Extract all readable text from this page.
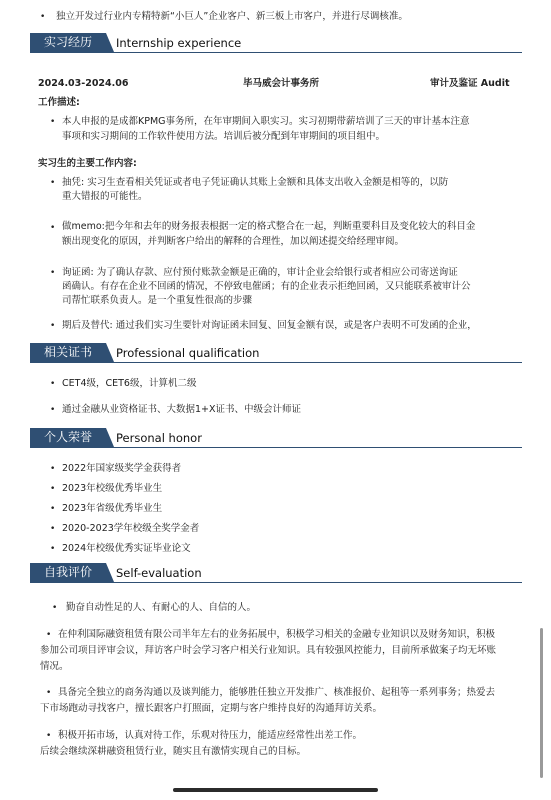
• 独立开发过行业内专精特新“小巨人”企业客户、新三板上市客户，并进行尽调核准。
实习经历	Internship experience
2024.03-2024.06	毕马威会计事务所	审计及鉴证 Audit
工作描述:
• 本人申报的是成都KPMG事务所，在年审期间入职实习。实习初期带薪培训了三天的审计基本注意
事项和实习期间的工作软件使用方法。培训后被分配到年审期间的项目组中。
实习生的主要工作内容:
• 抽凭: 实习生查看相关凭证或者电子凭证确认其账上金额和具体支出收入金额是相等的，以防
重大错报的可能性。
• 做memo:把今年和去年的财务报表根据一定的格式整合在一起，判断重要科目及变化较大的科目金
额出现变化的原因，并判断客户给出的解释的合理性，加以阐述提交给经理审阅。
• 询证函: 为了确认存款、应付预付账款金额是正确的，审计企业会给银行或者相应公司寄送询证
函确认。有存在企业不回函的情况，不停致电催函；有的企业表示拒绝回函，又只能联系被审计公
司帮忙联系负责人。是一个重复性很高的步骤
• 期后及替代: 通过我们实习生要针对询证函未回复、回复金额有误，或是客户表明不可发函的企业，
相关证书	Professional qualification
• CET4级，CET6级，计算机二级
• 通过金融从业资格证书、大数据1+X证书、中级会计师证
个人荣誉	Personal honor
• 2022年国家级奖学金获得者
• 2023年校级优秀毕业生
• 2023年省级优秀毕业生
• 2020-2023学年校级全奖学金者
• 2024年校级优秀实证毕业论文
自我评价	Self-evaluation
• 勤奋自动性足的人、有耐心的人、自信的人。
• 在仲利国际融资租赁有限公司半年左右的业务拓展中，积极学习相关的金融专业知识以及财务知识，积极
参加公司项目评审会议，拜访客户时会学习客户相关行业知识。具有较强风控能力，目前所承做案子均无坏账
情况。
• 具备完全独立的商务沟通以及谈判能力，能够胜任独立开发推广、核准报价、起租等一系列事务；热爱去
下市场跑动寻找客户，擅长跟客户打照面，定期与客户维持良好的沟通拜访关系。
• 积极开拓市场，认真对待工作，乐观对待压力，能适应经常性出差工作。
后续会继续深耕融资租赁行业，随实且有激情实现自己的目标。
